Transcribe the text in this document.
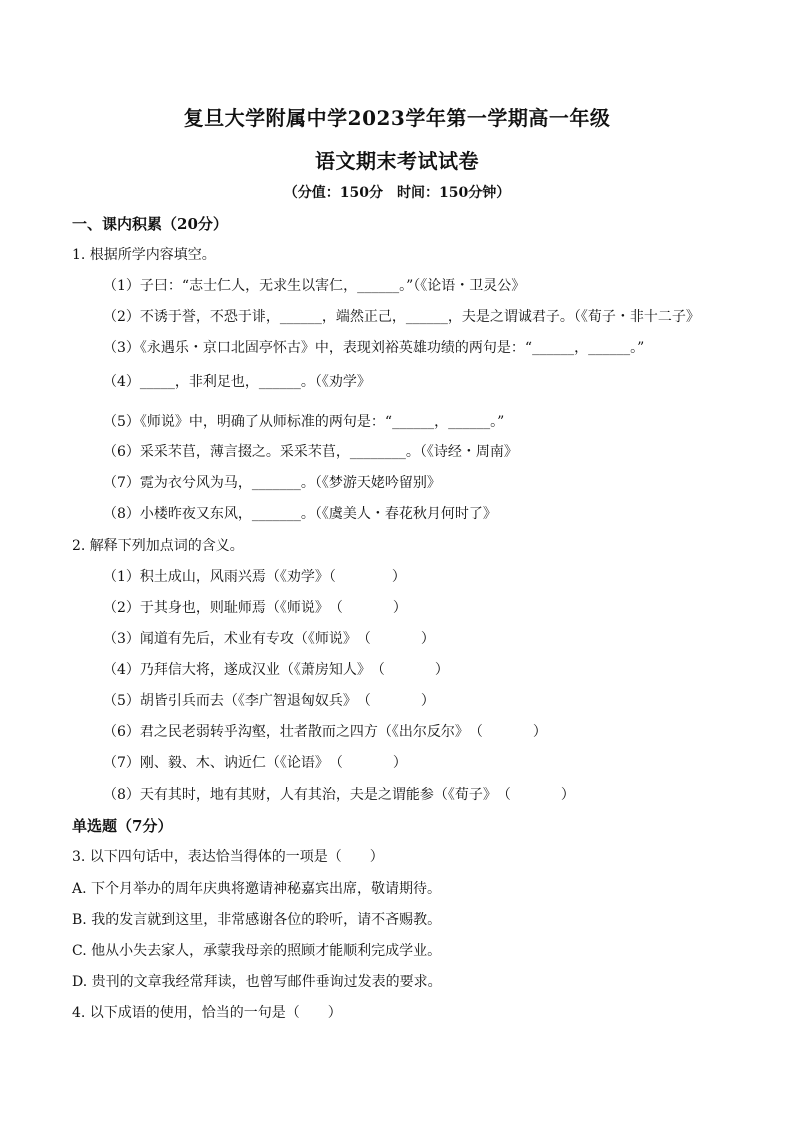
复旦大学附属中学2023学年第一学期高一年级
语文期末考试试卷
（分值：150分　时间：150分钟）
一、课内积累（20分）
1. 根据所学内容填空。
（1）子曰：“志士仁人，无求生以害仁，______。”（《论语・卫灵公》
（2）不诱于誉，不恐于诽，______，端然正己，______，夫是之谓诚君子。（《荀子・非十二子》
（3）《永遇乐・京口北固亭怀古》中，表现刘裕英雄功绩的两句是：“______，______。”
（4）_____，非利足也，______。（《劝学》
（5）《师说》中，明确了从师标准的两句是：“______，______。”
（6）采采芣苢，薄言掇之。采采芣苢，________。（《诗经・周南》
（7）霓为衣兮风为马，_______。（《梦游天姥吟留别》
（8）小楼昨夜又东风，_______。（《虞美人・春花秋月何时了》
2. 解释下列加点词的含义。
（1）积土成山，风雨兴焉（《劝学》（	）
（2）于其身也，则耻师焉（《师说》　（	）
（3）闻道有先后，术业有专攻（《师说》　（	）
（4）乃拜信大将，遂成汉业（《萧房知人》　（	）
（5）胡皆引兵而去（《李广智退匈奴兵》　（	）
（6）君之民老弱转乎沟壑，壮者散而之四方（《出尔反尔》　（	）
（7）刚、毅、木、讷近仁（《论语》　（	）
（8）天有其时，地有其财，人有其治，夫是之谓能参（《荀子》　（	）
单选题（7分）
3. 以下四句话中，表达恰当得体的一项是（　　）
A. 下个月举办的周年庆典将邀请神秘嘉宾出席，敬请期待。
B. 我的发言就到这里，非常感谢各位的聆听，请不吝赐教。
C. 他从小失去家人，承蒙我母亲的照顾才能顺利完成学业。
D. 贵刊的文章我经常拜读，也曾写邮件垂询过发表的要求。
4. 以下成语的使用，恰当的一句是（　　）
